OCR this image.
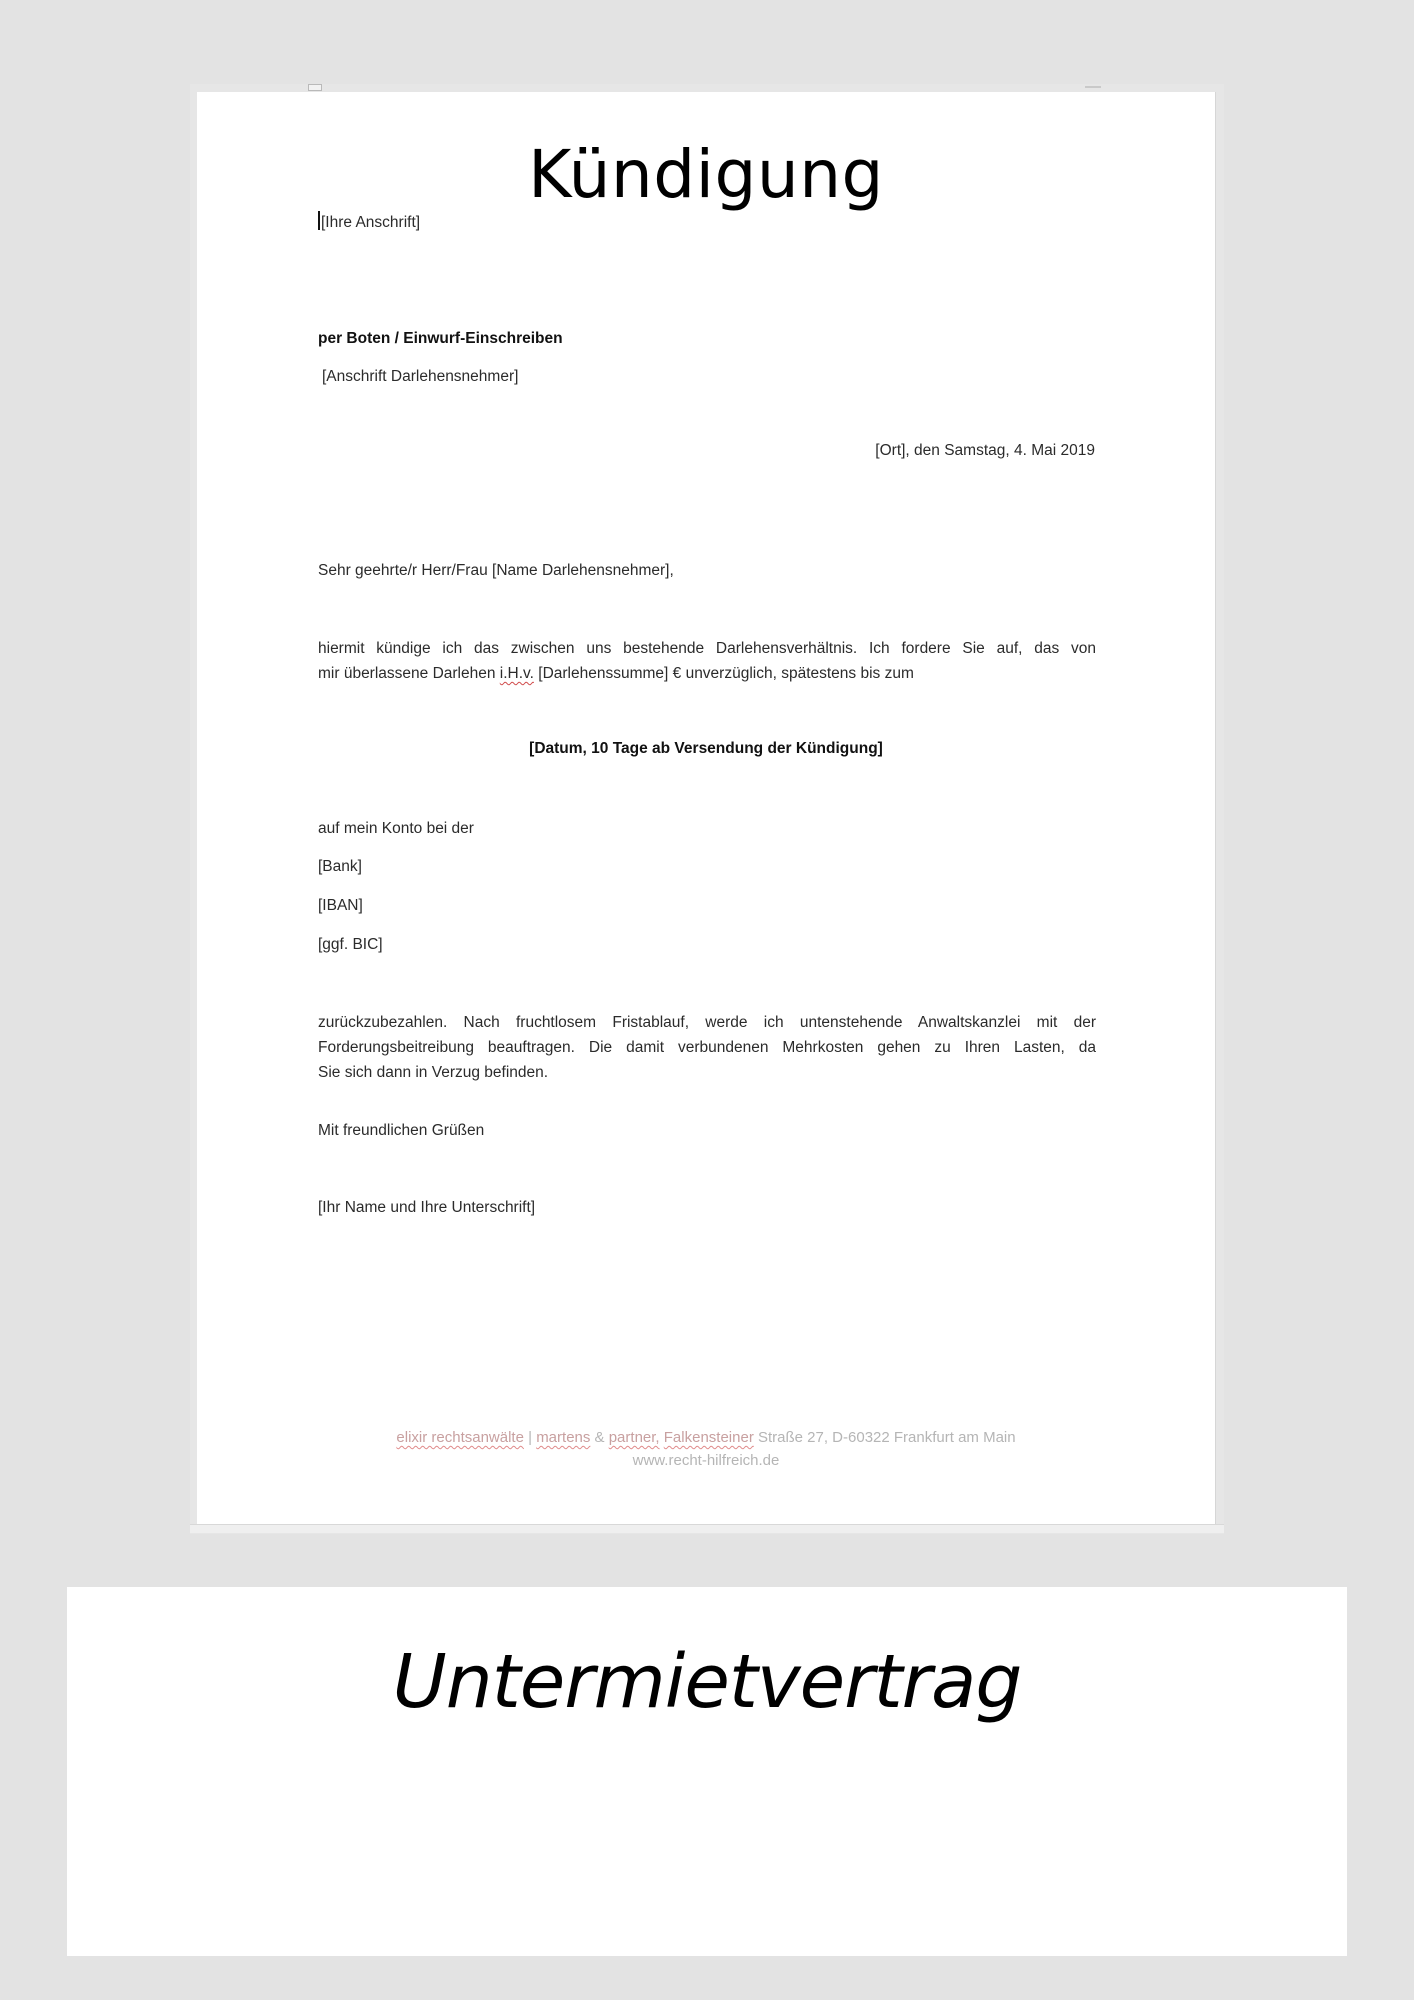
Kündigung
[Ihre Anschrift]
per Boten / Einwurf-Einschreiben
[Anschrift Darlehensnehmer]
[Ort], den Samstag, 4. Mai 2019
Sehr geehrte/r Herr/Frau [Name Darlehensnehmer],
hiermit kündige ich das zwischen uns bestehende Darlehensverhältnis. Ich fordere Sie auf, das von
mir überlassene Darlehen i.H.v. [Darlehenssumme] € unverzüglich, spätestens bis zum
[Datum, 10 Tage ab Versendung der Kündigung]
auf mein Konto bei der
[Bank]
[IBAN]
[ggf. BIC]
zurückzubezahlen. Nach fruchtlosem Fristablauf, werde ich untenstehende Anwaltskanzlei mit der
Forderungsbeitreibung beauftragen. Die damit verbundenen Mehrkosten gehen zu Ihren Lasten, da
Sie sich dann in Verzug befinden.
Mit freundlichen Grüßen
[Ihr Name und Ihre Unterschrift]
elixir rechtsanwälte | martens & partner, Falkensteiner Straße 27, D-60322 Frankfurt am Main
www.recht-hilfreich.de
Untermietvertrag
